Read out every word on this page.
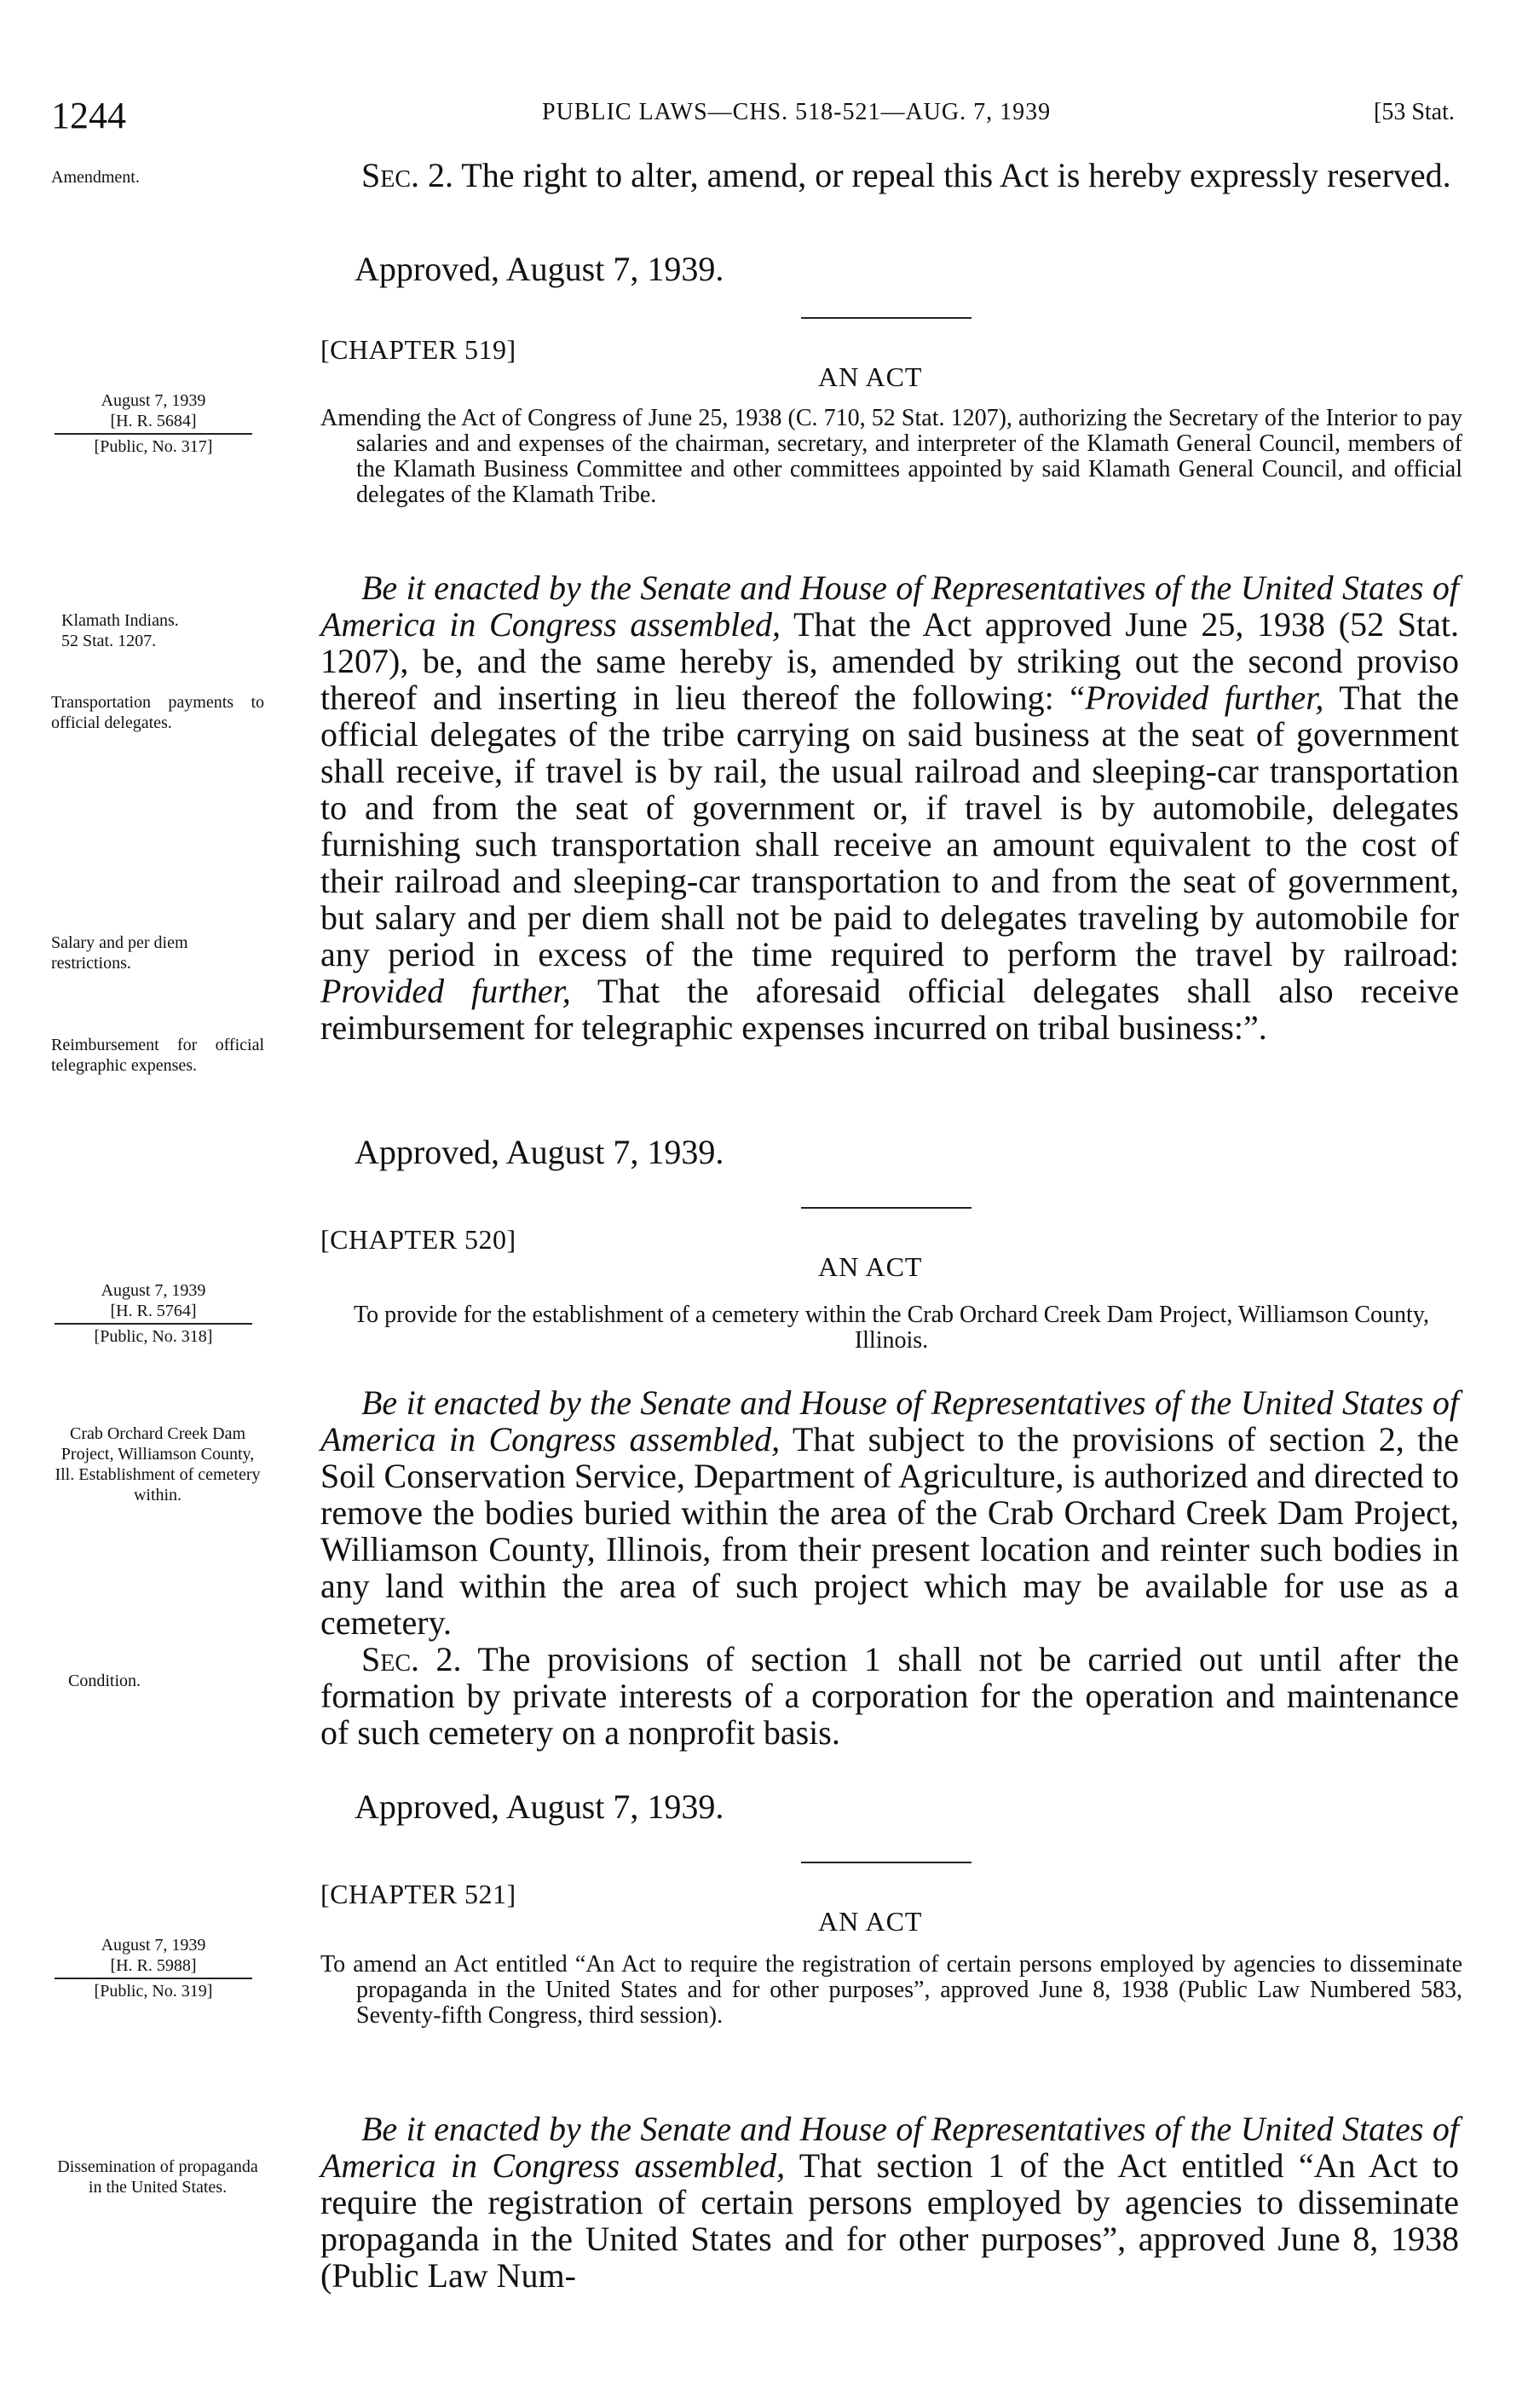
1244	PUBLIC LAWS—CHS. 518-521—AUG. 7, 1939	[53 Stat.
Amendment.	Sec. 2. The right to alter, amend, or repeal this Act is hereby expressly reserved.

Approved, August 7, 1939.
[CHAPTER 519]
AN ACT
August 7, 1939
[H. R. 5684]
[Public, No. 317]

Amending the Act of Congress of June 25, 1938 (C. 710, 52 Stat. 1207), authorizing the Secretary of the Interior to pay salaries and and expenses of the chairman, secretary, and interpreter of the Klamath General Council, members of the Klamath Business Committee and other committees appointed by said Klamath General Council, and official delegates of the Klamath Tribe.

Klamath Indians.
52 Stat. 1207.
Transportation payments to official delegates.
Salary and per diem restrictions.
Reimbursement for official telegraphic expenses.

Be it enacted by the Senate and House of Representatives of the United States of America in Congress assembled, That the Act approved June 25, 1938 (52 Stat. 1207), be, and the same hereby is, amended by striking out the second proviso thereof and inserting in lieu thereof the following: “Provided further, That the official delegates of the tribe carrying on said business at the seat of government shall receive, if travel is by rail, the usual railroad and sleeping-car transportation to and from the seat of government or, if travel is by automobile, delegates furnishing such transportation shall receive an amount equivalent to the cost of their railroad and sleeping-car transportation to and from the seat of government, but salary and per diem shall not be paid to delegates traveling by automobile for any period in excess of the time required to perform the travel by railroad: Provided further, That the aforesaid official delegates shall also receive reimbursement for telegraphic expenses incurred on tribal business:”.

Approved, August 7, 1939.
[CHAPTER 520]
AN ACT
August 7, 1939
[H. R. 5764]
[Public, No. 318]
To provide for the establishment of a cemetery within the Crab Orchard Creek Dam Project, Williamson County, Illinois.
Crab Orchard Creek Dam Project, Williamson County, Ill. Establishment of cemetery within.
Condition.

Be it enacted by the Senate and House of Representatives of the United States of America in Congress assembled, That subject to the provisions of section 2, the Soil Conservation Service, Department of Agriculture, is authorized and directed to remove the bodies buried within the area of the Crab Orchard Creek Dam Project, Williamson County, Illinois, from their present location and reinter such bodies in any land within the area of such project which may be available for use as a cemetery.

Sec. 2. The provisions of section 1 shall not be carried out until after the formation by private interests of a corporation for the operation and maintenance of such cemetery on a nonprofit basis.

Approved, August 7, 1939.
[CHAPTER 521]
AN ACT
August 7, 1939
[H. R. 5988]
[Public, No. 319]

To amend an Act entitled “An Act to require the registration of certain persons employed by agencies to disseminate propaganda in the United States and for other purposes”, approved June 8, 1938 (Public Law Numbered 583, Seventy-fifth Congress, third session).

Dissemination of propaganda in the United States.

Be it enacted by the Senate and House of Representatives of the United States of America in Congress assembled, That section 1 of the Act entitled “An Act to require the registration of certain persons employed by agencies to disseminate propaganda in the United States and for other purposes”, approved June 8, 1938 (Public Law Num-
